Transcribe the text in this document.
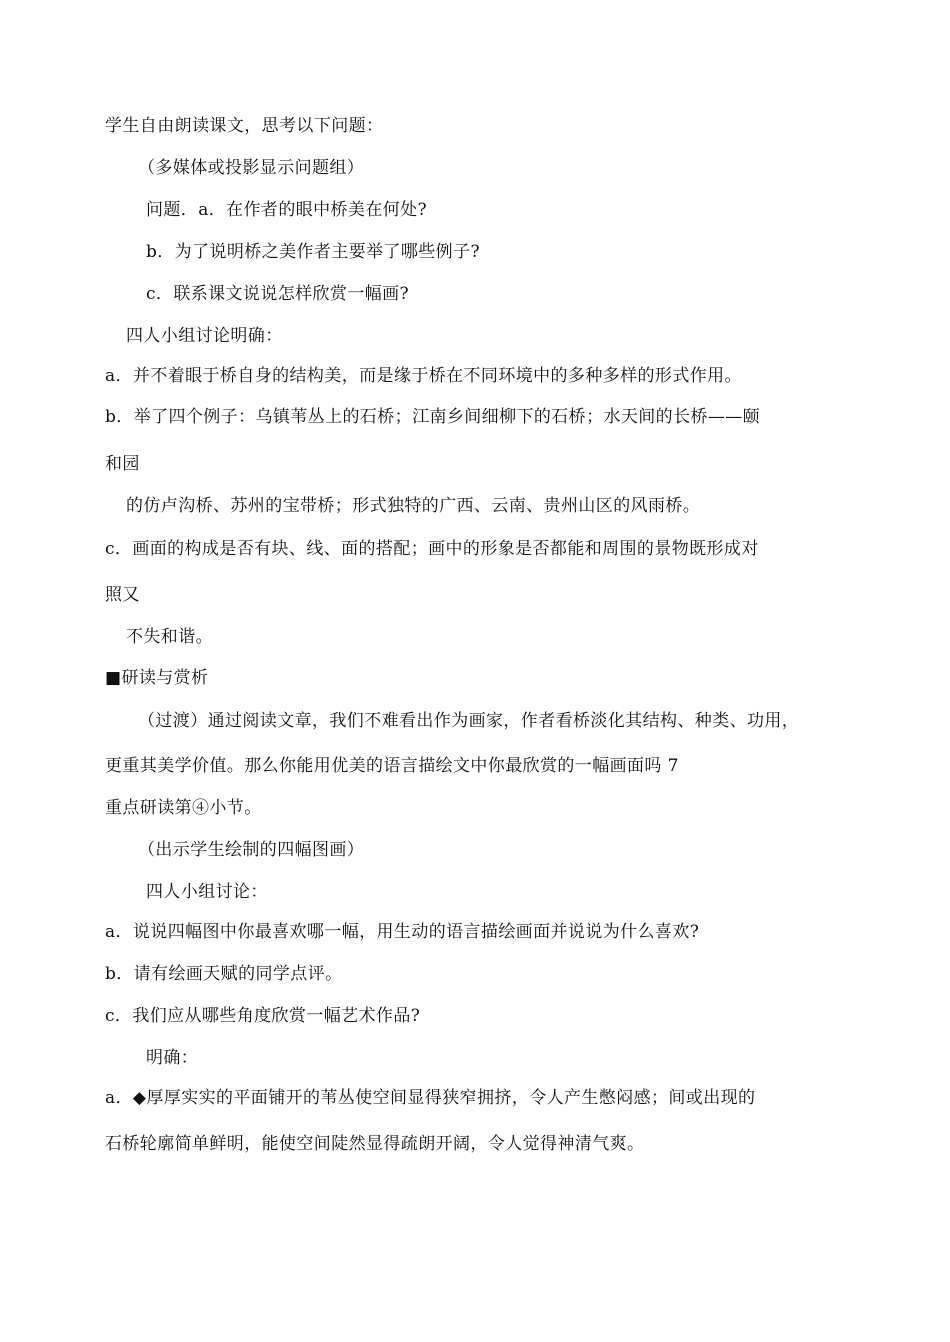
学生自由朗读课文，思考以下问题：
（多媒体或投影显示问题组）
问题．a．在作者的眼中桥美在何处?
b．为了说明桥之美作者主要举了哪些例子?
c．联系课文说说怎样欣赏一幅画?
四人小组讨论明确：
a．并不着眼于桥自身的结构美，而是缘于桥在不同环境中的多种多样的形式作用。
b．举了四个例子：乌镇苇丛上的石桥；江南乡间细柳下的石桥；水天间的长桥——颐
和园
的仿卢沟桥、苏州的宝带桥；形式独特的广西、云南、贵州山区的风雨桥。
c．画面的构成是否有块、线、面的搭配；画中的形象是否都能和周围的景物既形成对
照又
不失和谐。
■研读与赏析
（过渡）通过阅读文章，我们不难看出作为画家，作者看桥淡化其结构、种类、功用，
更重其美学价值。那么你能用优美的语言描绘文中你最欣赏的一幅画面吗 7
重点研读第④小节。
（出示学生绘制的四幅图画）
四人小组讨论：
a．说说四幅图中你最喜欢哪一幅，用生动的语言描绘画面并说说为什么喜欢?
b．请有绘画天赋的同学点评。
c．我们应从哪些角度欣赏一幅艺术作品?
明确：
a．◆厚厚实实的平面铺开的苇丛使空间显得狭窄拥挤，令人产生憋闷感；间或出现的
石桥轮廓简单鲜明，能使空间陡然显得疏朗开阔，令人觉得神清气爽。
